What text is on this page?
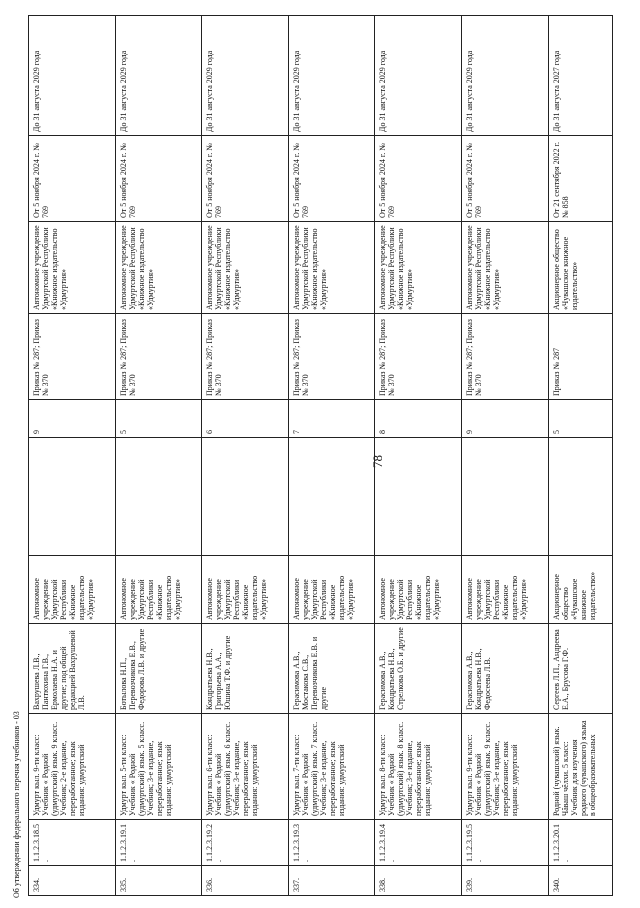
Об утверждении федерального перечня учебников - 03
78
334.	1.1.2.3.18.5.	Удмурт кыл. 9-ти класс: Учебник « Родной (удмуртский) язык. 9 класс. Учебник; 2-е издание, переработанное; язык издания: удмуртский	Вахрушева Л.В., Пантюхина Г.В., Ермолаева Н.А. и другие; под общей редакцией Вахрушевой Л.В.	Автономное учреждение Удмуртской Республики «Книжное издательство «Удмуртия»		9	Приказ № 287; Приказ № 370	Автономное учреждение Удмуртской Республики «Книжное издательство «Удмуртия»	От 5 ноября 2024 г. № 769	До 31 августа 2029 года
335.	1.1.2.3.19.1.	Удмурт кыл. 5-ти класс: Учебник « Родной (удмуртский) язык. 5 класс. Учебник; 3-е издание, переработанное; язык издания: удмуртский	Ботылова Н.П., Перевозчикова Е.В., Федорова Л.В. и другие	Автономное учреждение Удмуртской Республики «Книжное издательство «Удмуртия»		5	Приказ № 287; Приказ № 370	Автономное учреждение Удмуртской Республики «Книжное издательство «Удмуртия»	От 5 ноября 2024 г. № 769	До 31 августа 2029 года
336.	1.1.2.3.19.2.	Удмурт кыл. 6-ти класс: Учебник « Родной (удмуртский) язык. 6 класс. Учебник; 3-е издание, переработанное; язык издания: удмуртский	Кондратьева Н.В., Григорьева А.А., Юшина Т.Ф. и другие	Автономное учреждение Удмуртской Республики «Книжное издательство «Удмуртия»		6	Приказ № 287; Приказ № 370	Автономное учреждение Удмуртской Республики «Книжное издательство «Удмуртия»	От 5 ноября 2024 г. № 769	До 31 августа 2029 года
337.	1.1.2.3.19.3.	Удмурт кыл. 7-ти класс: Учебник « Родной (удмуртский) язык. 7 класс. Учебник; 3-е издание, переработанное; язык издания: удмуртский	Герасимова А.В., Мостакова С.В., Перевозчикова Е.В. и другие	Автономное учреждение Удмуртской Республики «Книжное издательство «Удмуртия»		7	Приказ № 287; Приказ № 370	Автономное учреждение Удмуртской Республики «Книжное издательство «Удмуртия»	От 5 ноября 2024 г. № 769	До 31 августа 2029 года
338.	1.1.2.3.19.4.	Удмурт кыл. 8-ти класс: Учебник « Родной (удмуртский) язык. 8 класс. Учебник; 3-е издание, переработанное; язык издания: удмуртский	Герасимова А.В., Кондратьева Н.В., Стрелкова О.Б. и другие	Автономное учреждение Удмуртской Республики «Книжное издательство «Удмуртия»		8	Приказ № 287; Приказ № 370	Автономное учреждение Удмуртской Республики «Книжное издательство «Удмуртия»	От 5 ноября 2024 г. № 769	До 31 августа 2029 года
339.	1.1.2.3.19.5.	Удмурт кыл. 9-ти класс: Учебник « Родной (удмуртский) язык. 9 класс. Учебник; 3-е издание, переработанное; язык издания: удмуртский	Герасимова А.В., Кондратьева Н.В., Федосеева Л.В.	Автономное учреждение Удмуртской Республики «Книжное издательство «Удмуртия»		9	Приказ № 287; Приказ № 370	Автономное учреждение Удмуртской Республики «Книжное издательство «Удмуртия»	От 5 ноября 2024 г. № 769	До 31 августа 2029 года
340.	1.1.2.3.20.1.	Родной (чувашский) язык. Чăваш чĕлхи. 5 класс: Учебник для изучения родного (чувашского) языка в общеобразовательных	Сергеев Л.П., Андреева Е.А., Брусова Г.Ф.	Акционерное общество «Чувашское книжное издательство»		5	Приказ № 287	Акционерное общество «Чувашское книжное издательство»	От 21 сентября 2022 г. № 858	До 31 августа 2027 года
